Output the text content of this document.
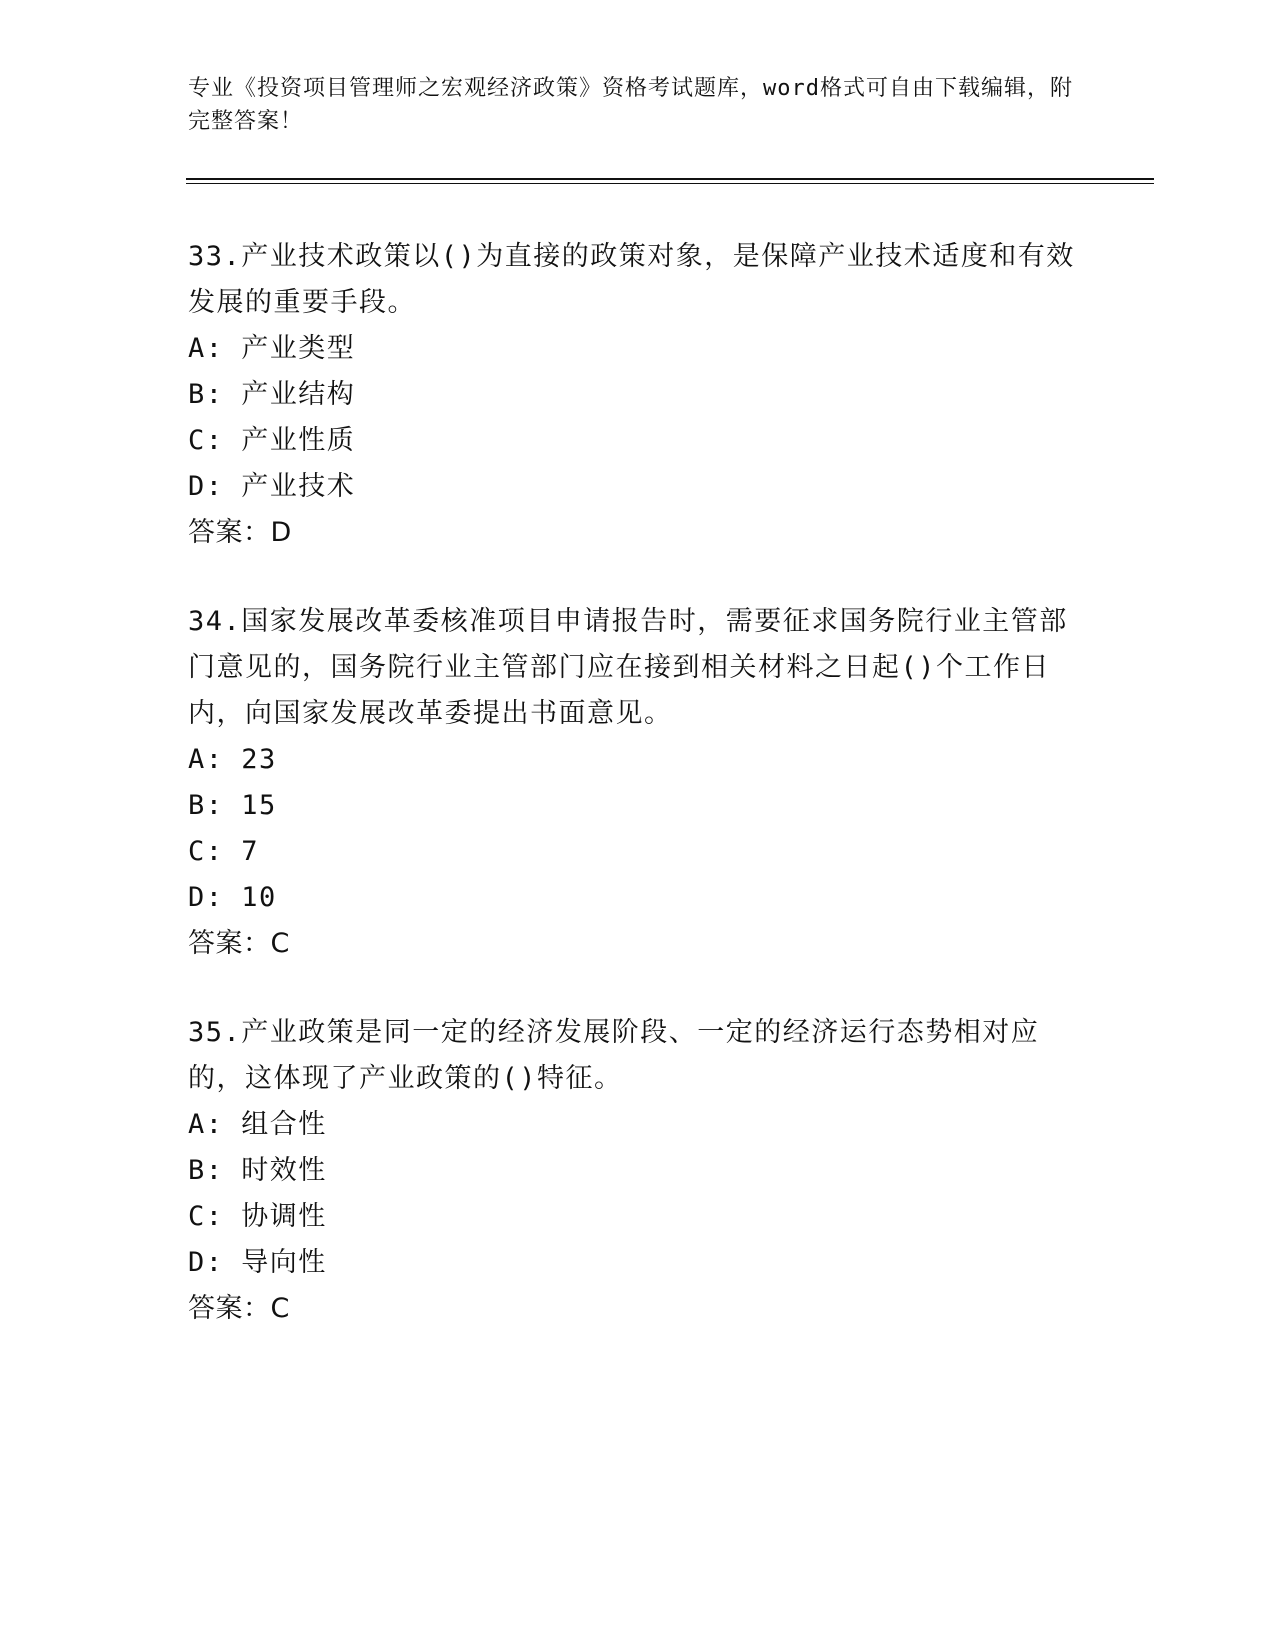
专业《投资项目管理师之宏观经济政策》资格考试题库，word格式可自由下载编辑，附完整答案！

33.产业技术政策以()为直接的政策对象，是保障产业技术适度和有效发展的重要手段。

A: 产业类型

B: 产业结构

C: 产业性质

D: 产业技术

答案：D

34.国家发展改革委核准项目申请报告时，需要征求国务院行业主管部门意见的，国务院行业主管部门应在接到相关材料之日起()个工作日内，向国家发展改革委提出书面意见。

A: 23

B: 15

C: 7

D: 10

答案：C

35.产业政策是同一定的经济发展阶段、一定的经济运行态势相对应的，这体现了产业政策的()特征。

A: 组合性

B: 时效性

C: 协调性

D: 导向性

答案：C
